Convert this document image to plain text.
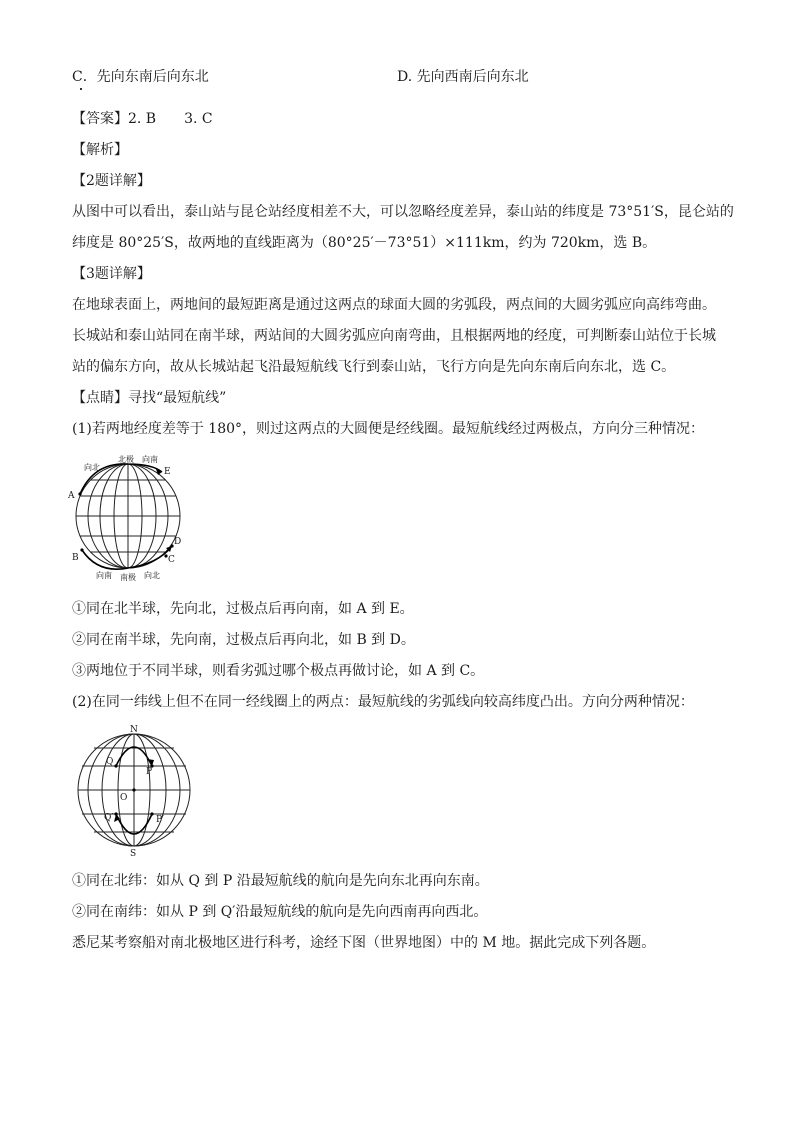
C．先向东南后向东北	D. 先向西南后向东北
【答案】2. B　　3. C
【解析】
【2题详解】
从图中可以看出，泰山站与昆仑站经度相差不大，可以忽略经度差异，泰山站的纬度是 73°51′S，昆仑站的
纬度是 80°25′S，故两地的直线距离为（80°25′－73°51）×111km，约为 720km，选 B。
【3题详解】
在地球表面上，两地间的最短距离是通过这两点的球面大圆的劣弧段，两点间的大圆劣弧应向高纬弯曲。
长城站和泰山站同在南半球，两站间的大圆劣弧应向南弯曲，且根据两地的经度，可判断泰山站位于长城
站的偏东方向，故从长城站起飞沿最短航线飞行到泰山站，飞行方向是先向东南后向东北，选 C。
【点睛】寻找“最短航线”
(1)若两地经度差等于 180°，则过这两点的大圆便是经线圈。最短航线经过两极点，方向分三种情况：
北极
向北
向南
E
A
D
B	C
向南 南极 向北
①同在北半球，先向北，过极点后再向南，如 A 到 E。
②同在南半球，先向南，过极点后再向北，如 B 到 D。
③两地位于不同半球，则看劣弧过哪个极点再做讨论，如 A 到 C。
(2)在同一纬线上但不在同一经线圈上的两点：最短航线的劣弧线向较高纬度凸出。方向分两种情况：
N
Q
P
O
Q′	P′
S
①同在北纬：如从 Q 到 P 沿最短航线的航向是先向东北再向东南。
②同在南纬：如从 P 到 Q′沿最短航线的航向是先向西南再向西北。
悉尼某考察船对南北极地区进行科考，途经下图（世界地图）中的 M 地。据此完成下列各题。
